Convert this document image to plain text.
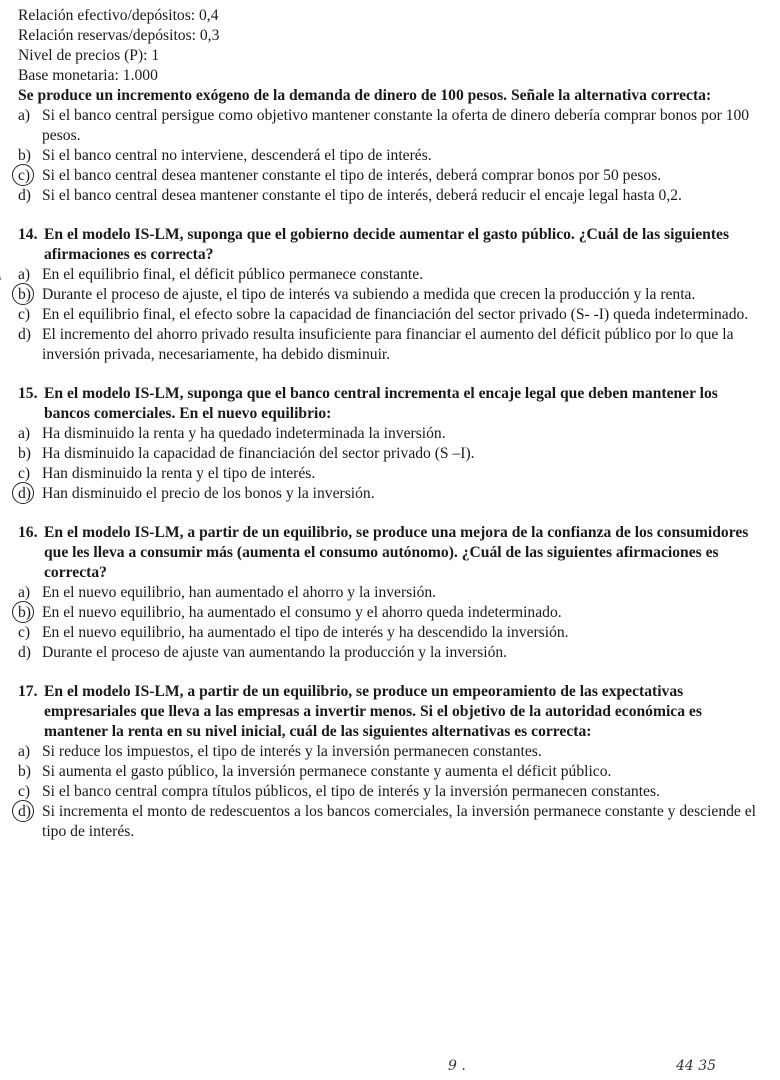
Relación efectivo/depósitos: 0,4
Relación reservas/depósitos: 0,3
Nivel de precios (P): 1
Base monetaria: 1.000
Se produce un incremento exógeno de la demanda de dinero de 100 pesos. Señale la alternativa correcta:
a) Si el banco central persigue como objetivo mantener constante la oferta de dinero debería comprar bonos por 100 pesos.
b) Si el banco central no interviene, descenderá el tipo de interés.
c) Si el banco central desea mantener constante el tipo de interés, deberá comprar bonos por 50 pesos.
d) Si el banco central desea mantener constante el tipo de interés, deberá reducir el encaje legal hasta 0,2.
14. En el modelo IS-LM, suponga que el gobierno decide aumentar el gasto público. ¿Cuál de las siguientes afirmaciones es correcta?
a) En el equilibrio final, el déficit público permanece constante.
b) Durante el proceso de ajuste, el tipo de interés va subiendo a medida que crecen la producción y la renta.
c) En el equilibrio final, el efecto sobre la capacidad de financiación del sector privado (S- -I) queda indeterminado.
d) El incremento del ahorro privado resulta insuficiente para financiar el aumento del déficit público por lo que la inversión privada, necesariamente, ha debido disminuir.
15. En el modelo IS-LM, suponga que el banco central incrementa el encaje legal que deben mantener los bancos comerciales. En el nuevo equilibrio:
a) Ha disminuido la renta y ha quedado indeterminada la inversión.
b) Ha disminuido la capacidad de financiación del sector privado (S –I).
c) Han disminuido la renta y el tipo de interés.
d) Han disminuido el precio de los bonos y la inversión.
16. En el modelo IS-LM, a partir de un equilibrio, se produce una mejora de la confianza de los consumidores que les lleva a consumir más (aumenta el consumo autónomo). ¿Cuál de las siguientes afirmaciones es correcta?
a) En el nuevo equilibrio, han aumentado el ahorro y la inversión.
b) En el nuevo equilibrio, ha aumentado el consumo y el ahorro queda indeterminado.
c) En el nuevo equilibrio, ha aumentado el tipo de interés y ha descendido la inversión.
d) Durante el proceso de ajuste van aumentando la producción y la inversión.
17. En el modelo IS-LM, a partir de un equilibrio, se produce un empeoramiento de las expectativas empresariales que lleva a las empresas a invertir menos. Si el objetivo de la autoridad económica es mantener la renta en su nivel inicial, cuál de las siguientes alternativas es correcta:
a) Si reduce los impuestos, el tipo de interés y la inversión permanecen constantes.
b) Si aumenta el gasto público, la inversión permanece constante y aumenta el déficit público.
c) Si el banco central compra títulos públicos, el tipo de interés y la inversión permanecen constantes.
d) Si incrementa el monto de redescuentos a los bancos comerciales, la inversión permanece constante y desciende el tipo de interés.
9 .	44 35
